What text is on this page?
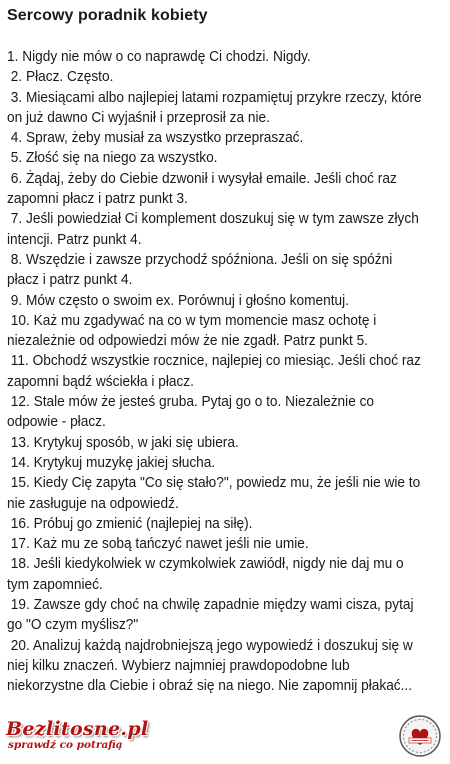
Sercowy poradnik kobiety

1. Nigdy nie mów o co naprawdę Ci chodzi. Nigdy.

2. Płacz. Często.

3. Miesiącami albo najlepiej latami rozpamiętuj przykre rzeczy, które on już dawno Ci wyjaśnił i przeprosił za nie.

4. Spraw, żeby musiał za wszystko przepraszać.

5. Złość się na niego za wszystko.

6. Żądaj, żeby do Ciebie dzwonił i wysyłał emaile. Jeśli choć raz zapomni płacz i patrz punkt 3.

7. Jeśli powiedział Ci komplement doszukuj się w tym zawsze złych intencji. Patrz punkt 4.

8. Wszędzie i zawsze przychodź spóźniona. Jeśli on się spóźni płacz i patrz punkt 4.

9. Mów często o swoim ex. Porównuj i głośno komentuj.

10. Każ mu zgadywać na co w tym momencie masz ochotę i niezależnie od odpowiedzi mów że nie zgadł. Patrz punkt 5.

11. Obchodź wszystkie rocznice, najlepiej co miesiąc. Jeśli choć raz zapomni bądź wściekła i płacz.

12. Stale mów że jesteś gruba. Pytaj go o to. Niezależnie co odpowie - płacz.

13. Krytykuj sposób, w jaki się ubiera.

14. Krytykuj muzykę jakiej słucha.

15. Kiedy Cię zapyta "Co się stało?", powiedz mu, że jeśli nie wie to nie zasługuje na odpowiedź.

16. Próbuj go zmienić (najlepiej na siłę).

17. Każ mu ze sobą tańczyć nawet jeśli nie umie.

18. Jeśli kiedykolwiek w czymkolwiek zawiódł, nigdy nie daj mu o tym zapomnieć.

19. Zawsze gdy choć na chwilę zapadnie między wami cisza, pytaj go "O czym myślisz?"

20. Analizuj każdą najdrobniejszą jego wypowiedź i doszukuj się w niej kilku znaczeń. Wybierz najmniej prawdopodobne lub niekorzystne dla Ciebie i obraź się na niego. Nie zapomnij płakać...

Bezlitosne.pl
sprawdź co potrafią
